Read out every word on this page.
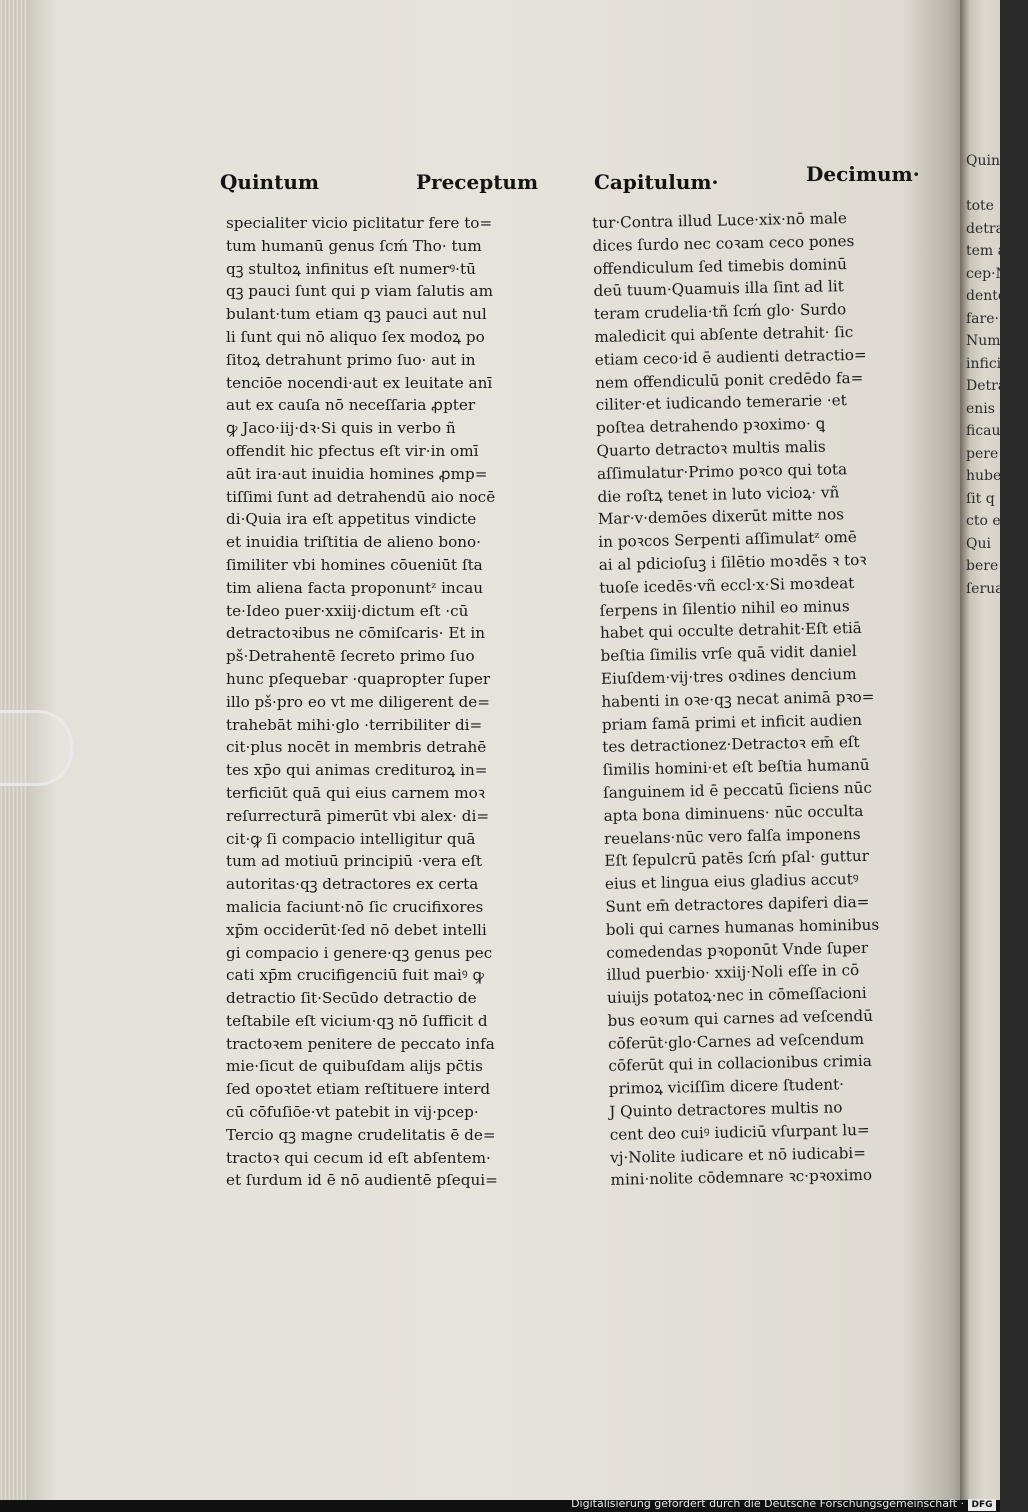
Quintum
tote
detrahu
tem al
cep·N
dentes
fare·S
Nume
inficit
Detra
enis in
ficaur
pere
huber
ſit q
cto ei
Qui
bere
ſerua
Quintum	Preceptum	Capitulum·	Decimum·
specialiter vicio piclitatur fere to=
tum humanū genus ſcḿ Tho· tum
qꝫ stultoꝝ infinitus eſt numerꝰ·tū
qꝫ pauci ſunt qui p viam ſalutis am
bulant·tum etiam qꝫ pauci aut nul
li ſunt qui nō aliquo ſex modoꝝ po
ſitoꝝ detrahunt primo ſuo· aut in
tenciōe nocendi·aut ex leuitate anī
aut ex cauſa nō neceſſaria ꝓpter
ꝙ Jaco·iij·dꝛ·Si quis in verbo ñ
offendit hic pfectus eſt vir·in omī
aūt ira·aut inuidia homines ꝓmp=
tiſſimi ſunt ad detrahendū aio nocē
di·Quia ira eſt appetitus vindicte
et inuidia triſtitia de alieno bono·
ſimiliter vbi homines cōueniūt ſta
tim aliena facta proponuntᶻ incau
te·Ideo puer·xxiij·dictum eſt ·cū
detractoꝛibus ne cōmiſcaris· Et in
pš·Detrahentē ſecreto primo ſuo
hunc pſequebar ·quapropter ſuper
illo pš·pro eo vt me diligerent de=
trahebāt mihi·glo ·terribiliter di=
cit·plus nocēt in membris detrahē
tes xp̄o qui animas credituroꝝ in=
terficiūt quā qui eius carnem moꝛ
reſurrecturā pimerūt vbi alex· di=
cit·ꝙ ſi compacio intelligitur quā
tum ad motiuū principiū ·vera eſt
autoritas·qꝫ detractores ex certa
malicia faciunt·nō ſic crucifixores
xp̄m occiderūt·ſed nō debet intelli
gi compacio i genere·qꝫ genus pec
cati xp̄m crucifigenciū fuit maiꝰ ꝙ
detractio ſit·Secūdo detractio de
teſtabile eſt vicium·qꝫ nō ſufficit d
tractoꝛem penitere de peccato infa
mie·ſicut de quibuſdam alijs pc̄tis
ſed opoꝛtet etiam reſtituere interd
cū cōfuſiōe·vt patebit in vij·pcep·
Tercio qꝫ magne crudelitatis ē de=
tractoꝛ qui cecum id eſt abſentem·
et ſurdum id ē nō audientē pſequi=
tur·Contra illud Luce·xix·nō male
dices ſurdo nec coꝛam ceco pones
offendiculum ſed timebis dominū
deū tuum·Quamuis illa ſint ad lit
teram crudelia·tñ ſcḿ glo· Surdo
maledicit qui abſente detrahit· ſic
etiam ceco·id ē audienti detractio=
nem offendiculū ponit credēdo fa=
ciliter·et iudicando temerarie ·et
poſtea detrahendo pꝛoximo· ꝗ
Quarto detractoꝛ multis malis
aſſimulatur·Primo poꝛco qui tota
die roſtꝝ tenet in luto vicioꝝ· vñ
Mar·v·demōes dixerūt mitte nos
in poꝛcos Serpenti aſſimulatᶻ omē
ai al pdicioſuꝫ i ſilētio moꝛdēs ꝛ toꝛ
tuoſe icedēs·vñ eccl·x·Si moꝛdeat
ſerpens in ſilentio nihil eo minus
habet qui occulte detrahit·Eſt etiā
beſtia ſimilis vrſe quā vidit daniel
Eiuſdem·vij·tres oꝛdines dencium
habenti in oꝛe·qꝫ necat animā pꝛo=
priam famā primi et inficit audien
tes detractionez·Detractoꝛ em̄ eſt
ſimilis homini·et eſt beſtia humanū
ſanguinem id ē peccatū ſiciens nūc
apta bona diminuens· nūc occulta
reuelans·nūc vero falſa imponens
Eſt ſepulcrū patēs ſcḿ pſal· guttur
eius et lingua eius gladius accutꝰ
Sunt em̄ detractores dapiferi dia=
boli qui carnes humanas hominibus
comedendas pꝛoponūt Vnde ſuper
illud puerbio· xxiij·Noli eſſe in cō
uiuijs potatoꝝ·nec in cōmeſſacioni
bus eoꝛum qui carnes ad veſcendū
cōferūt·glo·Carnes ad veſcendum
cōferūt qui in collacionibus crimia
primoꝝ viciſſim dicere ſtudent·
J Quinto detractores multis no
cent deo cuiꝰ iudiciū vſurpant lu=
vj·Nolite iudicare et nō iudicabi=
mini·nolite cōdemnare ꝛc·pꝛoximo
Digitalisierung gefördert durch die Deutsche Forschungsgemeinschaft · DFG
